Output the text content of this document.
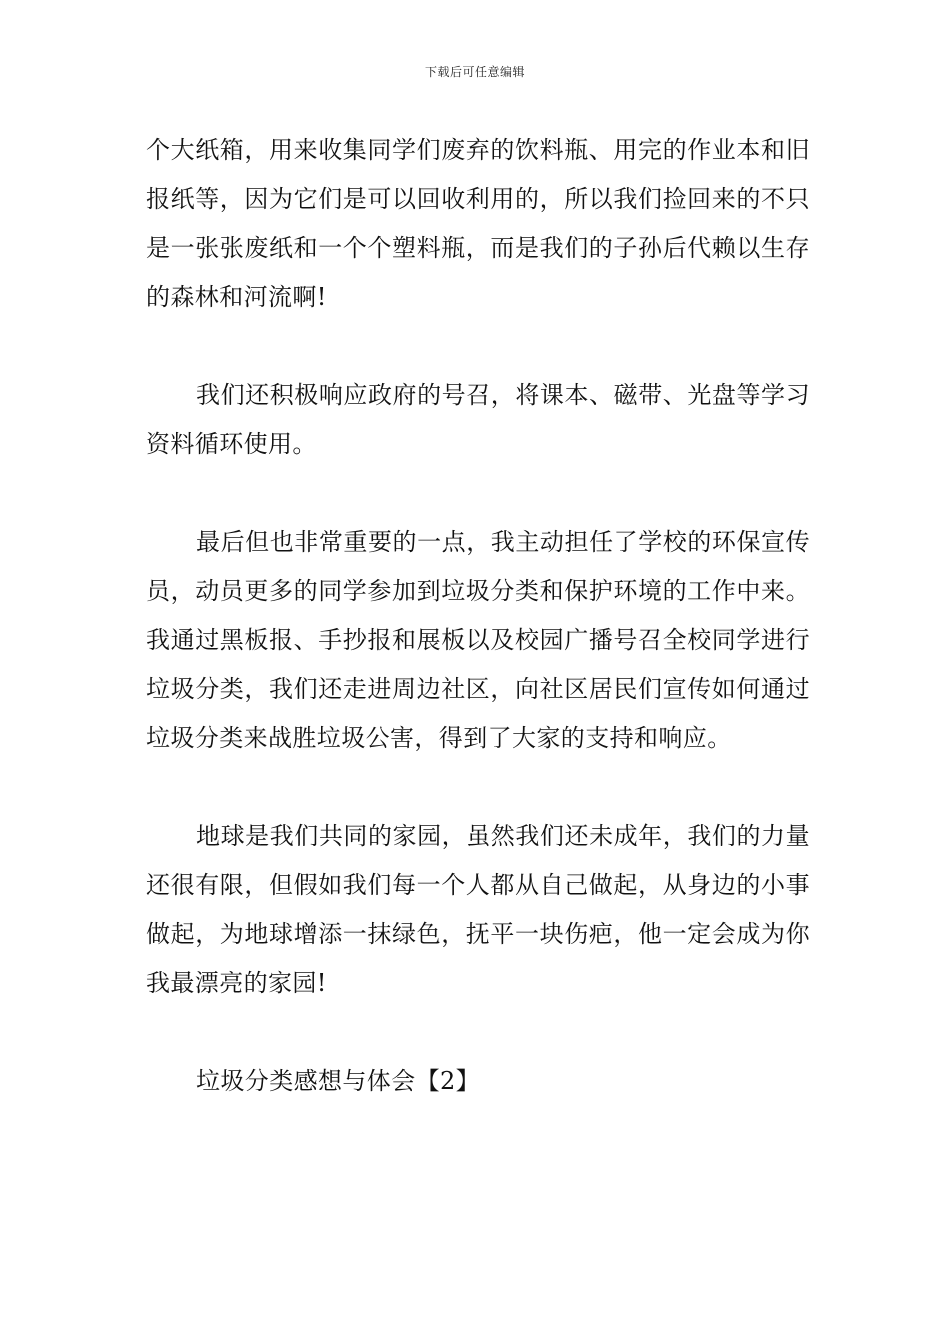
下载后可任意编辑

个大纸箱，用来收集同学们废弃的饮料瓶、用完的作业本和旧报纸等，因为它们是可以回收利用的，所以我们捡回来的不只是一张张废纸和一个个塑料瓶，而是我们的子孙后代赖以生存的森林和河流啊!

我们还积极响应政府的号召，将课本、磁带、光盘等学习资料循环使用。

最后但也非常重要的一点，我主动担任了学校的环保宣传员，动员更多的同学参加到垃圾分类和保护环境的工作中来。我通过黑板报、手抄报和展板以及校园广播号召全校同学进行垃圾分类，我们还走进周边社区，向社区居民们宣传如何通过垃圾分类来战胜垃圾公害，得到了大家的支持和响应。

地球是我们共同的家园，虽然我们还未成年，我们的力量还很有限，但假如我们每一个人都从自己做起，从身边的小事做起，为地球增添一抹绿色，抚平一块伤疤，他一定会成为你我最漂亮的家园!

垃圾分类感想与体会【2】
